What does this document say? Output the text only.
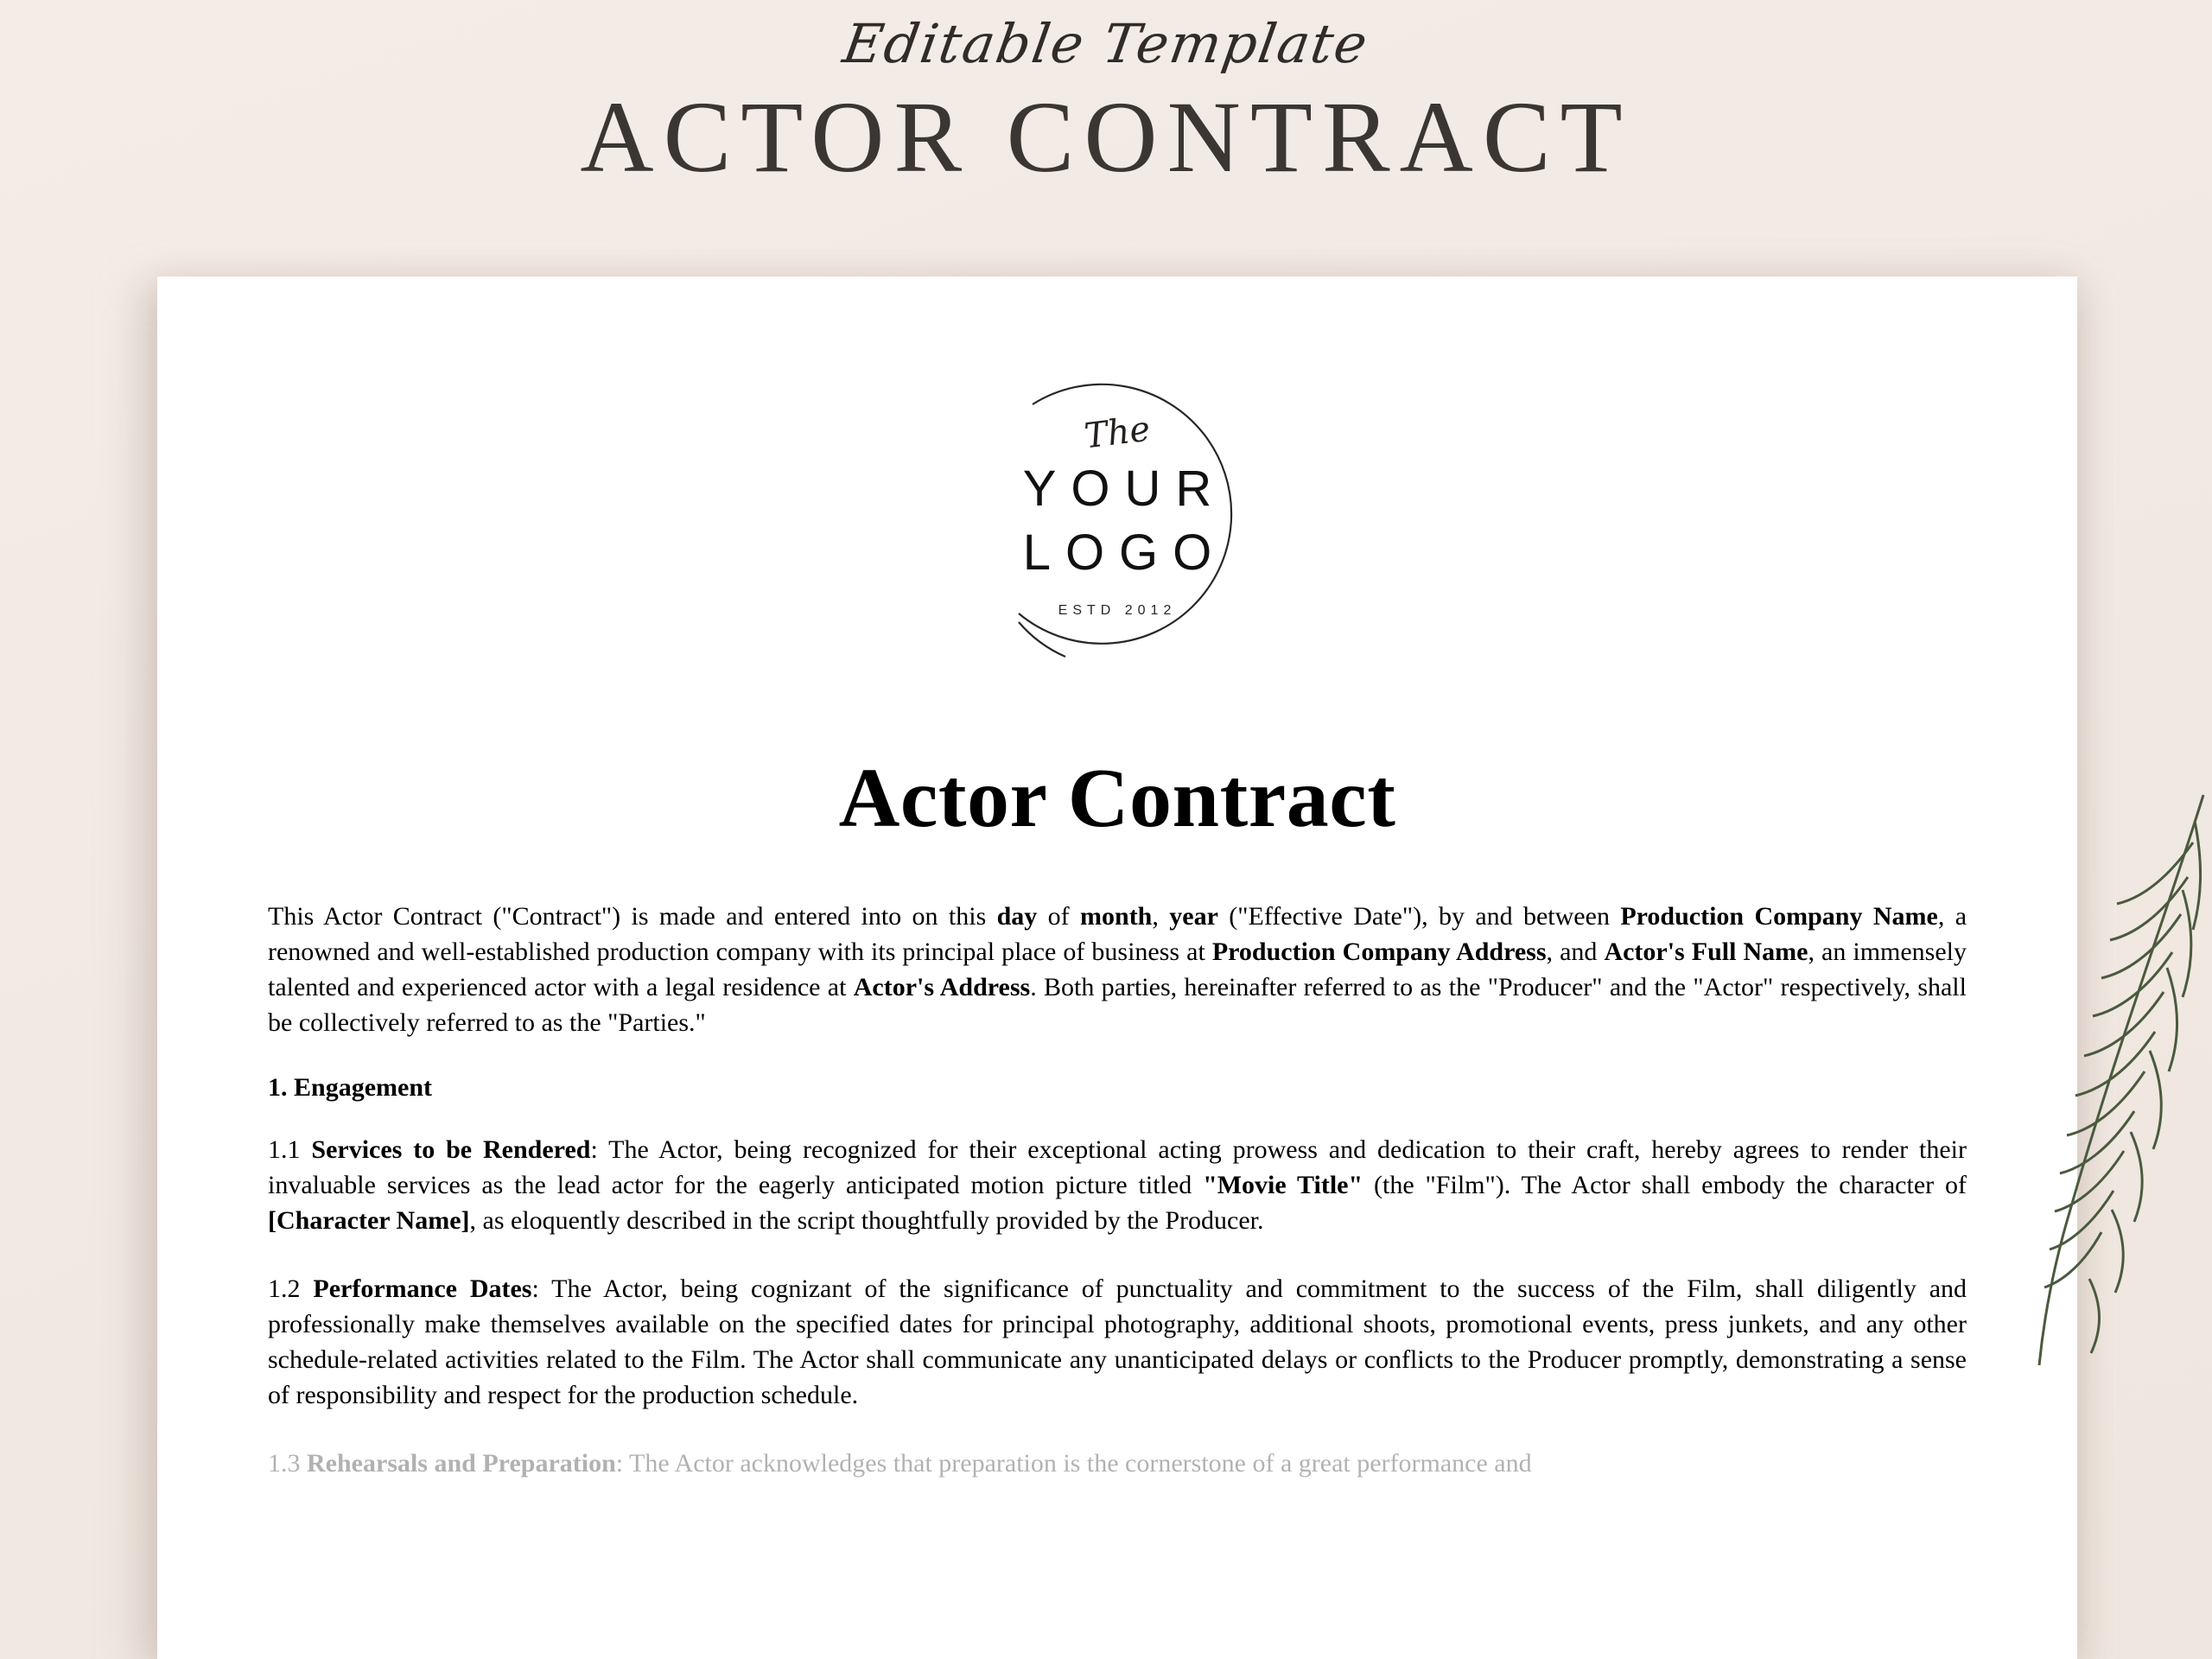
Editable Template
ACTOR CONTRACT
The
YOUR
LOGO
ESTD 2012
Actor Contract

This Actor Contract ("Contract") is made and entered into on this day of month, year ("Effective Date"), by and between Production Company Name, a renowned and well-established production company with its principal place of business at Production Company Address, and Actor's Full Name, an immensely talented and experienced actor with a legal residence at Actor's Address. Both parties, hereinafter referred to as the "Producer" and the "Actor" respectively, shall be collectively referred to as the "Parties."

1. Engagement

1.1 Services to be Rendered: The Actor, being recognized for their exceptional acting prowess and dedication to their craft, hereby agrees to render their invaluable services as the lead actor for the eagerly anticipated motion picture titled "Movie Title" (the "Film"). The Actor shall embody the character of [Character Name], as eloquently described in the script thoughtfully provided by the Producer.

1.2 Performance Dates: The Actor, being cognizant of the significance of punctuality and commitment to the success of the Film, shall diligently and professionally make themselves available on the specified dates for principal photography, additional shoots, promotional events, press junkets, and any other schedule-related activities related to the Film. The Actor shall communicate any unanticipated delays or conflicts to the Producer promptly, demonstrating a sense of responsibility and respect for the production schedule.

1.3 Rehearsals and Preparation: The Actor acknowledges that preparation is the cornerstone of a great performance and
